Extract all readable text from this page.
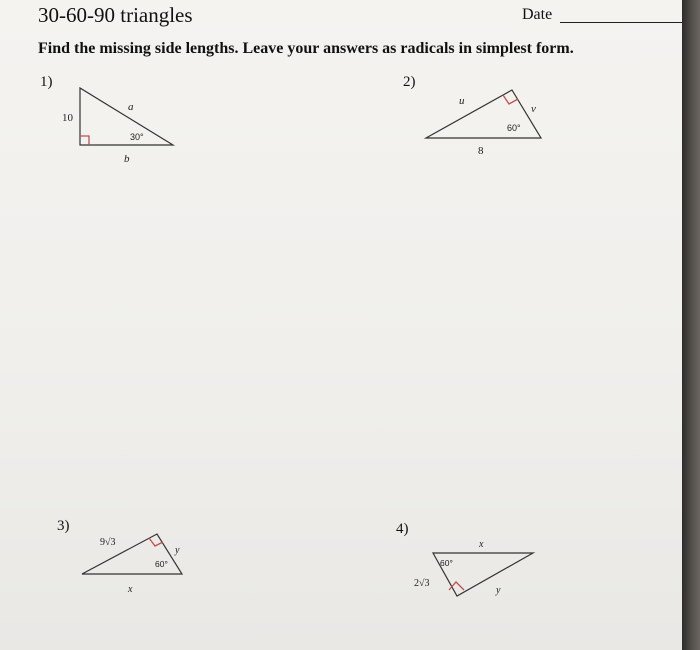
30-60-90 triangles	Date
Find the missing side lengths. Leave your answers as radicals in simplest form.
1)	2)
3)	4)
10
a
b
30°
u
v
8
60°
9√3
y
x
60°
x
2√3
y
60°
